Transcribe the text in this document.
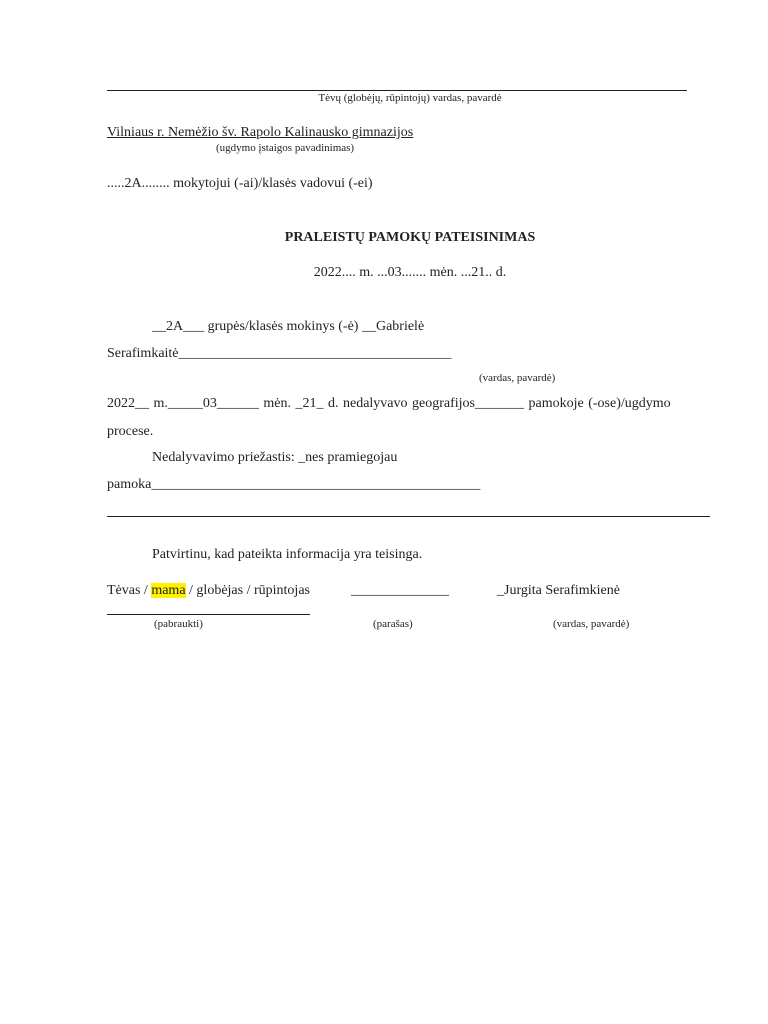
Tėvų (globėjų, rūpintojų) vardas, pavardė
Vilniaus r. Nemėžio šv. Rapolo Kalinausko gimnazijos
(ugdymo įstaigos pavadinimas)
.....2A........ mokytojui (-ai)/klasės vadovui (-ei)
PRALEISTŲ PAMOKŲ PATEISINIMAS
2022.... m. ...03....... mėn. ...21.. d.
__2A___ grupės/klasės mokinys (-ė) __Gabrielė
Serafimkaitė_______________________________________
(vardas, pavardė)
2022__ m._____03______ mėn. _21_ d. nedalyvavo geografijos_______ pamokoje (-ose)/ugdymo
procese.
Nedalyvavimo priežastis: _nes pramiegojau
pamoka_______________________________________________
Patvirtinu, kad pateikta informacija yra teisinga.
Tėvas / mama / globėjas / rūpintojas	______________	_Jurgita Serafimkienė
(pabraukti)	(parašas)	(vardas, pavardė)
